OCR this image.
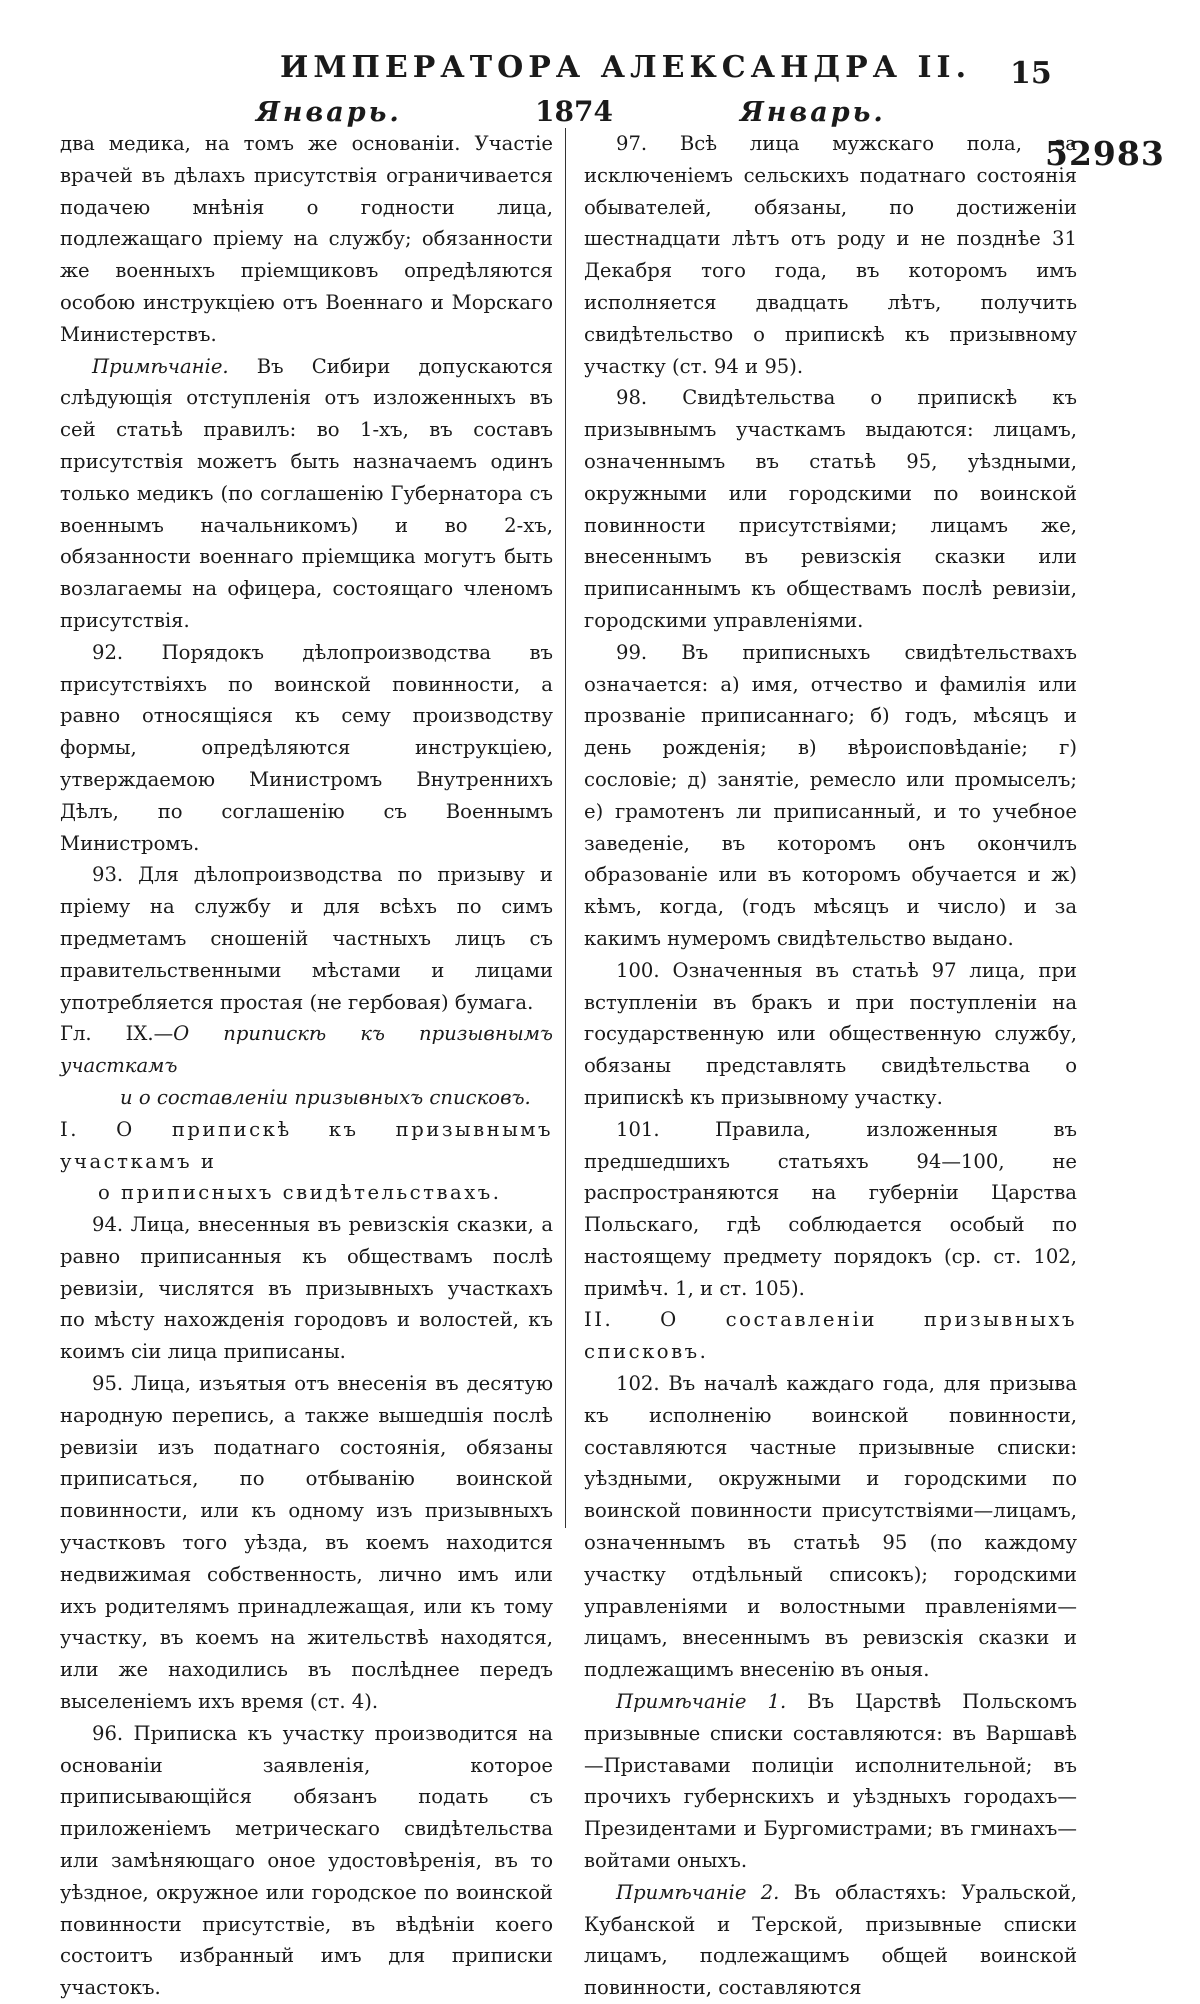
ИМПЕРАТОРА АЛЕКСАНДРА II. 15
Январь.	1874	Январь.
52983

два медика, на томъ же основаніи. Участіе врачей въ дѣлахъ присутствія ограничивается подачею мнѣнія о годности лица, подлежащаго пріему на службу; обязанности же военныхъ пріемщиковъ опредѣляются особою инструкціею отъ Военнаго и Морскаго Министерствъ.

Примѣчаніе. Въ Сибири допускаются слѣдующія отступленія отъ изложенныхъ въ сей статьѣ правилъ: во 1-хъ, въ составъ присутствія можетъ быть назначаемъ одинъ только медикъ (по соглашенію Губернатора съ военнымъ начальникомъ) и во 2-хъ, обязанности военнаго пріемщика могутъ быть возлагаемы на офицера, состоящаго членомъ присутствія.

92. Порядокъ дѣлопроизводства въ присутствіяхъ по воинской повинности, а равно относящіяся къ сему производству формы, опредѣляются инструкціею, утверждаемою Министромъ Внутреннихъ Дѣлъ, по соглашенію съ Военнымъ Министромъ.

93. Для дѣлопроизводства по призыву и пріему на службу и для всѣхъ по симъ предметамъ сношеній частныхъ лицъ съ правительственными мѣстами и лицами употребляется простая (не гербовая) бумага.

Гл. IX.—О припискѣ къ призывнымъ участкамъ

и о составленіи призывныхъ списковъ.

I. О припискѣ къ призывнымъ участкамъ и

о приписныхъ свидѣтельствахъ.

94. Лица, внесенныя въ ревизскія сказки, а равно приписанныя къ обществамъ послѣ ревизіи, числятся въ призывныхъ участкахъ по мѣсту нахожденія городовъ и волостей, къ коимъ сіи лица приписаны.

95. Лица, изъятыя отъ внесенія въ десятую народную перепись, а также вышедшія послѣ ревизіи изъ податнаго состоянія, обязаны приписаться, по отбыванію воинской повинности, или къ одному изъ призывныхъ участковъ того уѣзда, въ коемъ находится недвижимая собственность, лично имъ или ихъ родителямъ принадлежащая, или къ тому участку, въ коемъ на жительствѣ находятся, или же находились въ послѣднее передъ выселеніемъ ихъ время (ст. 4).

96. Приписка къ участку производится на основаніи заявленія, которое приписывающійся обязанъ подать съ приложеніемъ метрическаго свидѣтельства или замѣняющаго оное удостовѣренія, въ то уѣздное, окружное или городское по воинской повинности присутствіе, въ вѣдѣніи коего состоитъ избранный имъ для приписки участокъ.

97. Всѣ лица мужскаго пола, за исключеніемъ сельскихъ податнаго состоянія обывателей, обязаны, по достиженіи шестнадцати лѣтъ отъ роду и не позднѣе 31 Декабря того года, въ которомъ имъ исполняется двадцать лѣтъ, получить свидѣтельство о припискѣ къ призывному участку (ст. 94 и 95).

98. Свидѣтельства о припискѣ къ призывнымъ участкамъ выдаются: лицамъ, означеннымъ въ статьѣ 95, уѣздными, окружными или городскими по воинской повинности присутствіями; лицамъ же, внесеннымъ въ ревизскія сказки или приписаннымъ къ обществамъ послѣ ревизіи, городскими управленіями.

99. Въ приписныхъ свидѣтельствахъ означается: а) имя, отчество и фамилія или прозваніе приписаннаго; б) годъ, мѣсяцъ и день рожденія; в) вѣроисповѣданіе; г) сословіе; д) занятіе, ремесло или промыселъ; е) грамотенъ ли приписанный, и то учебное заведеніе, въ которомъ онъ окончилъ образованіе или въ которомъ обучается и ж) кѣмъ, когда, (годъ мѣсяцъ и число) и за какимъ нумеромъ свидѣтельство выдано.

100. Означенныя въ статьѣ 97 лица, при вступленіи въ бракъ и при поступленіи на государственную или общественную службу, обязаны представлять свидѣтельства о припискѣ къ призывному участку.

101. Правила, изложенныя въ предшедшихъ статьяхъ 94—100, не распространяются на губерніи Царства Польскаго, гдѣ соблюдается особый по настоящему предмету порядокъ (ср. ст. 102, примѣч. 1, и ст. 105).

II. О составленіи призывныхъ списковъ.

102. Въ началѣ каждаго года, для призыва къ исполненію воинской повинности, составляются частные призывные списки: уѣздными, окружными и городскими по воинской повинности присутствіями—лицамъ, означеннымъ въ статьѣ 95 (по каждому участку отдѣльный списокъ); городскими управленіями и волостными правленіями—лицамъ, внесеннымъ въ ревизскія сказки и подлежащимъ внесенію въ оныя.

Примѣчаніе 1. Въ Царствѣ Польскомъ призывные списки составляются: въ Варшавѣ—Приставами полиціи исполнительной; въ прочихъ губернскихъ и уѣздныхъ городахъ—Президентами и Бургомистрами; въ гминахъ—войтами оныхъ.

Примѣчаніе 2. Въ областяхъ: Уральской, Кубанской и Терской, призывные списки лицамъ, подлежащимъ общей воинской повинности, составляются
